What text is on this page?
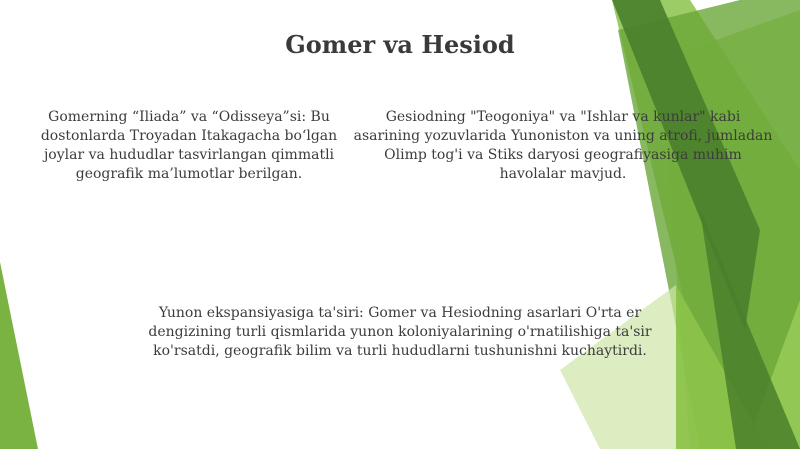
Gomer va Hesiod
Gomerning “Iliada” va “Odisseya”si: Bu dostonlarda Troyadan Itakagacha bo‘lgan joylar va hududlar tasvirlangan qimmatli geografik ma’lumotlar berilgan.
Gesiodning "Teogoniya" va "Ishlar va kunlar" kabi asarining yozuvlarida Yunoniston va uning atrofi, jumladan Olimp tog'i va Stiks daryosi geografiyasiga muhim havolalar mavjud.
Yunon ekspansiyasiga ta'siri: Gomer va Hesiodning asarlari O'rta er dengizining turli qismlarida yunon koloniyalarining o'rnatilishiga ta'sir ko'rsatdi, geografik bilim va turli hududlarni tushunishni kuchaytirdi.
